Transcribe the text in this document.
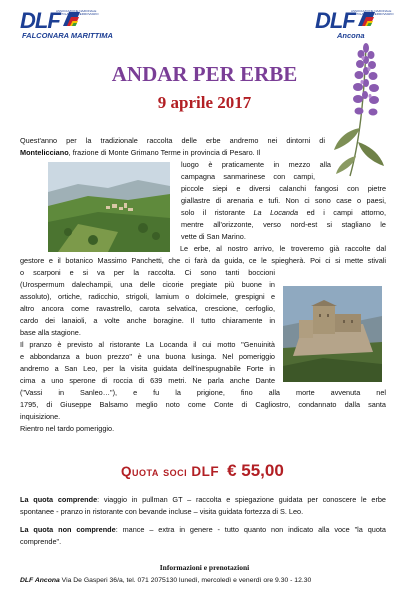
DLF
ASSOCIAZIONE NAZIONALE DOPOLAVORO FERROVIARIO
FALCONARA MARITTIMA
DLF
ASSOCIAZIONE NAZIONALE DOPOLAVORO FERROVIARIO
Ancona
ANDAR PER ERBE
9 aprile 2017

Quest'anno per la tradizionale raccolta delle erbe andremo nei dintorni di

Montelicciano, frazione di Monte Grimano Terme in provincia di Pesaro. Il

luogo è praticamente in mezzo alla

campagna sanmarinese con campi,

piccole siepi e diversi calanchi fangosi con pietre

giallastre di arenaria e tufi. Non ci sono case o paesi,

solo il ristorante La Locanda ed i campi attorno,

mentre all'orizzonte, verso nord-est si stagliano le

vette di San Marino.

Le erbe, al nostro arrivo, le troveremo già raccolte dal

gestore e il botanico Massimo Panchetti, che ci farà da guida, ce le spiegherà. Poi ci si mette stivali

o scarponi e si va per la raccolta. Ci sono tanti boccioni

(Urospermum dalechampii, una delle cicorie pregiate più buone in

assoluto), ortiche, radicchio, strigoli, lamium o dolcimele, grespigni e

altro ancora come ravastrello, carota selvatica, crescione, cerfoglio,

cardo dei lanaioli, a volte anche boragine. Il tutto chiaramente in

base alla stagione.

Il pranzo è previsto al ristorante La Locanda il cui motto "Genuinità

e abbondanza a buon prezzo" è una buona lusinga. Nel pomeriggio

andremo a San Leo, per la visita guidata dell'inespugnabile Forte in

cima a uno sperone di roccia di 639 metri. Ne parla anche Dante

("Vassi in Sanleo…"), e fu la prigione, fino alla morte avvenuta nel

1795, di Giuseppe Balsamo meglio noto come Conte di Cagliostro, condannato dalla santa

inquisizione.

Rientro nel tardo pomeriggio.

Quota soci DLF € 55,00

La quota comprende: viaggio in pullman GT – raccolta e spiegazione guidata per conoscere le erbe

spontanee - pranzo in ristorante con bevande incluse – visita guidata fortezza di S. Leo.

La quota non comprende: mance – extra in genere - tutto quanto non indicato alla voce "la quota

comprende".

Informazioni e prenotazioni

DLF Ancona Via De Gasperi 36/a, tel. 071 2075130 lunedì, mercoledì e venerdì ore 9.30 - 12.30
